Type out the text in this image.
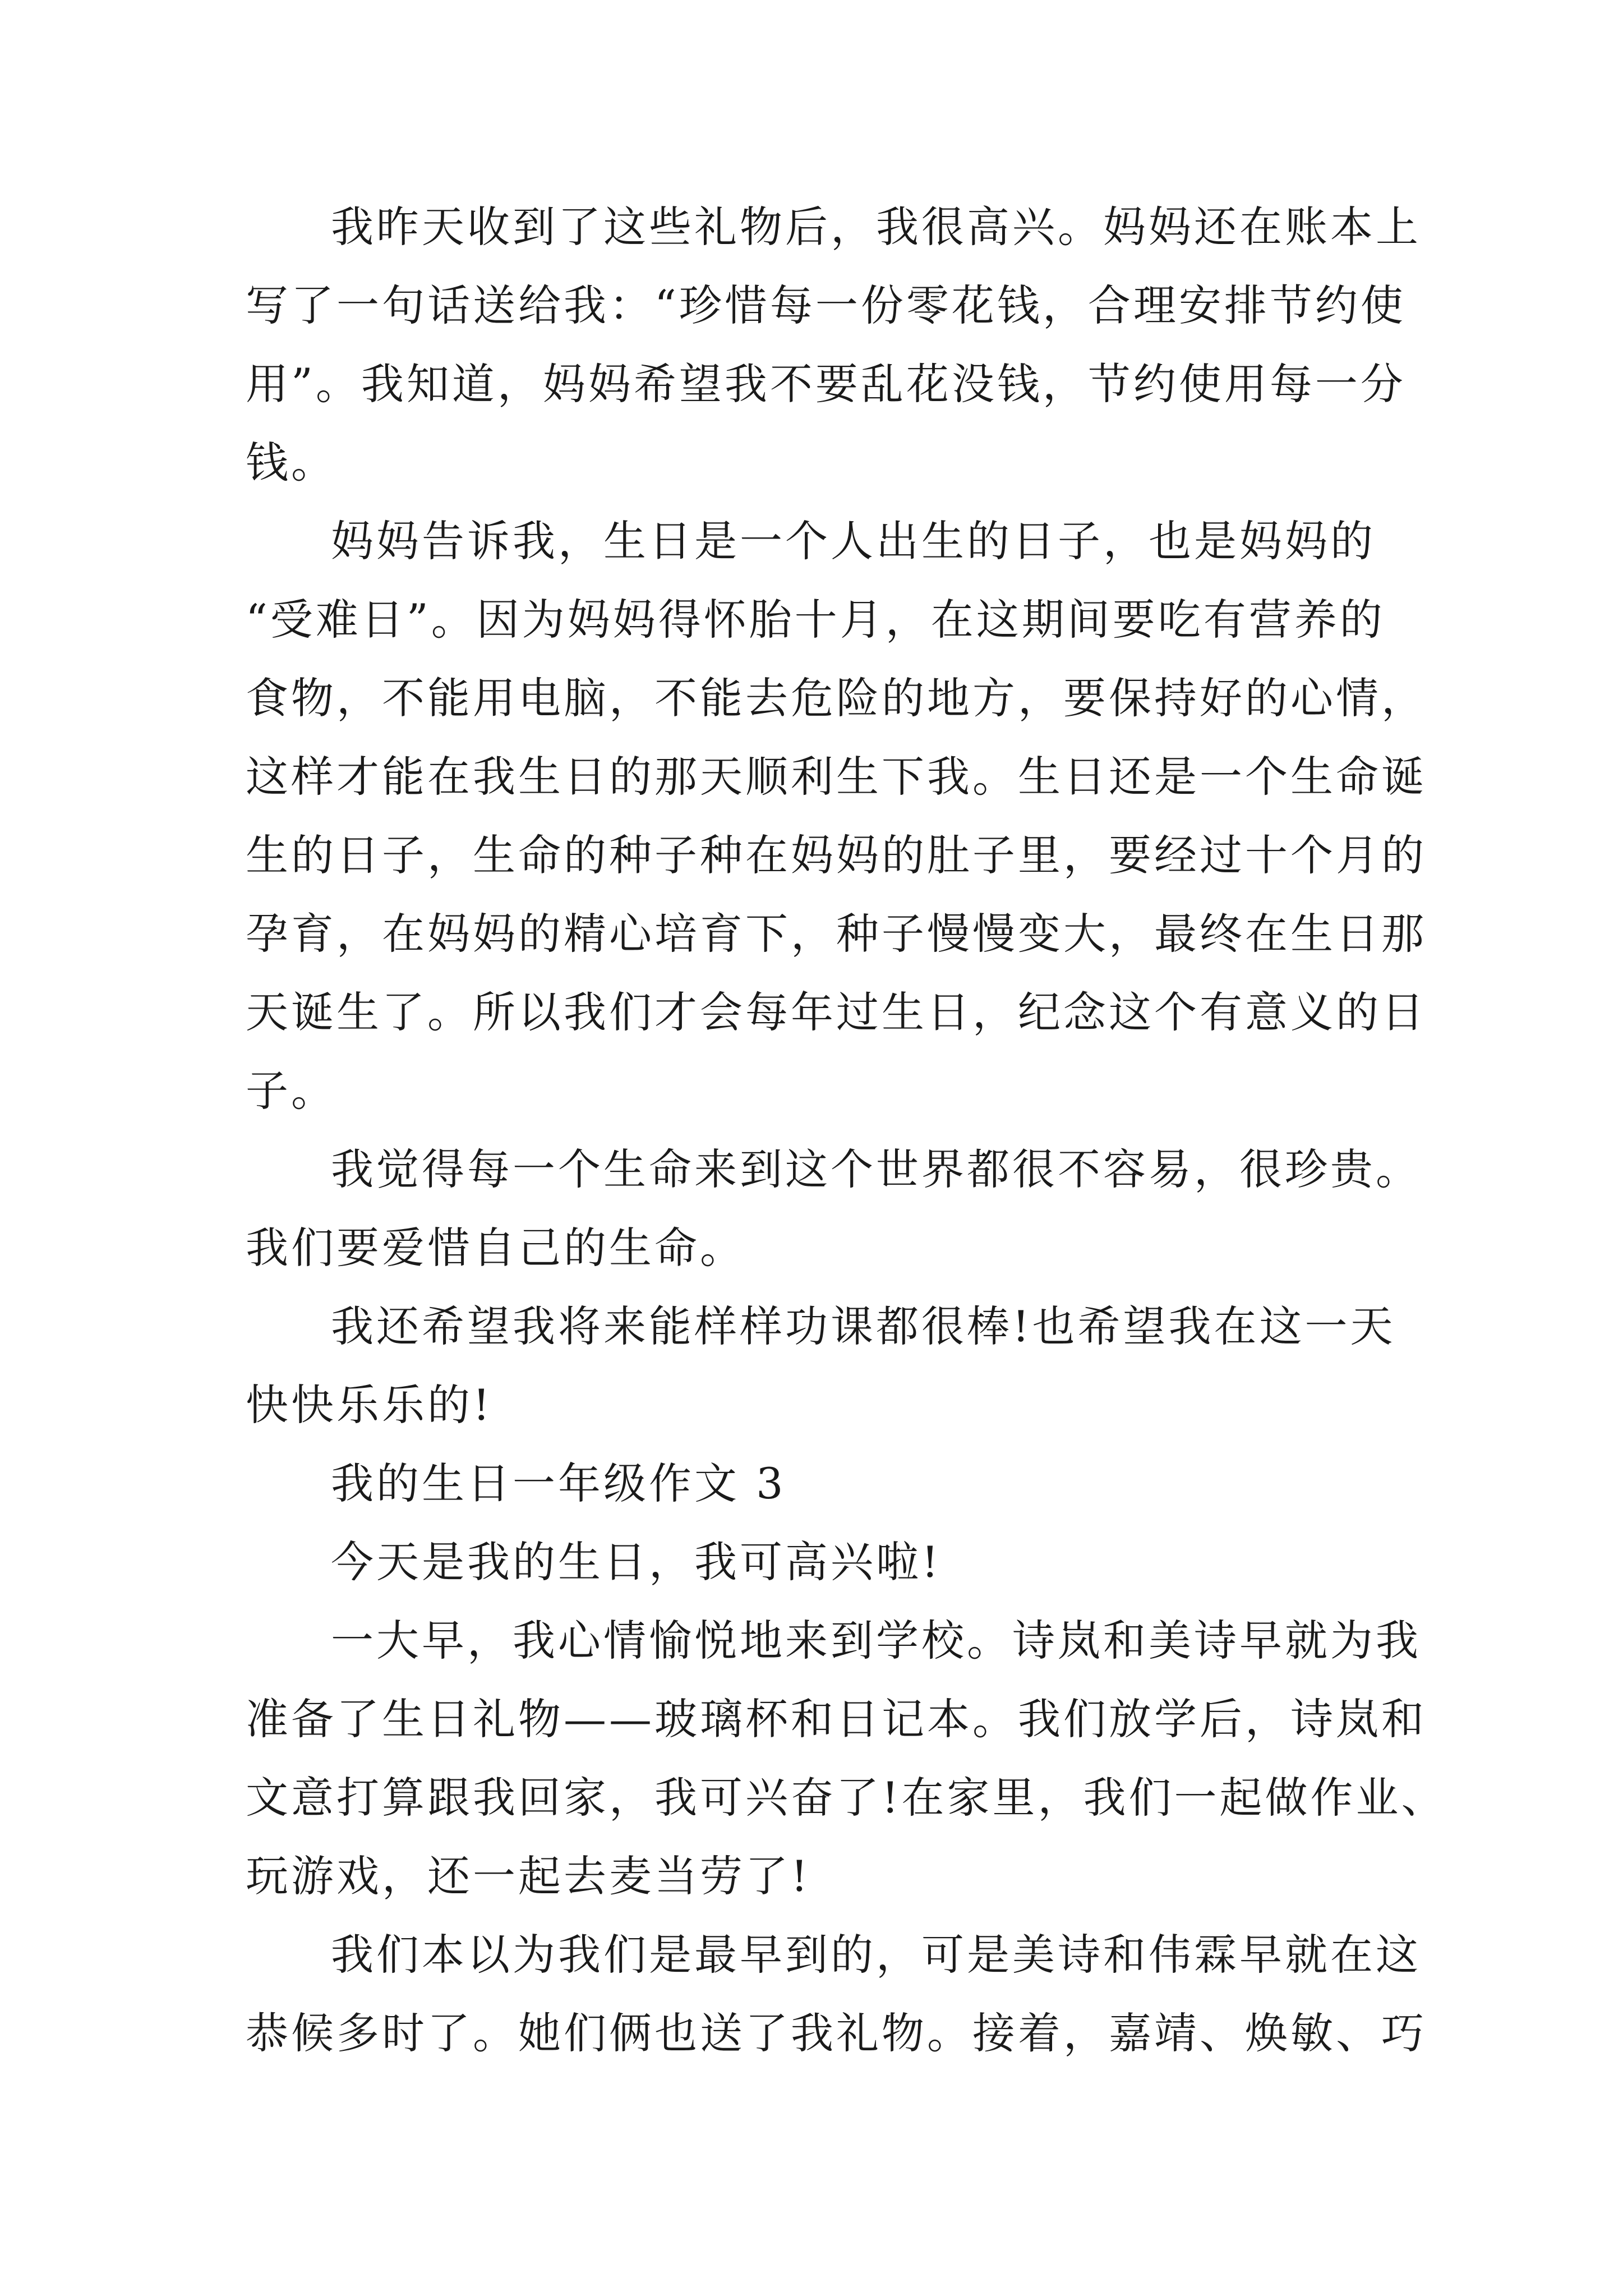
我昨天收到了这些礼物后，我很高兴。妈妈还在账本上
写了一句话送给我：“珍惜每一份零花钱，合理安排节约使
用”。我知道，妈妈希望我不要乱花没钱，节约使用每一分
钱。
妈妈告诉我，生日是一个人出生的日子，也是妈妈的
“受难日”。因为妈妈得怀胎十月，在这期间要吃有营养的
食物，不能用电脑，不能去危险的地方，要保持好的心情，
这样才能在我生日的那天顺利生下我。生日还是一个生命诞
生的日子，生命的种子种在妈妈的肚子里，要经过十个月的
孕育，在妈妈的精心培育下，种子慢慢变大，最终在生日那
天诞生了。所以我们才会每年过生日，纪念这个有意义的日
子。
我觉得每一个生命来到这个世界都很不容易，很珍贵。
我们要爱惜自己的生命。
我还希望我将来能样样功课都很棒!也希望我在这一天
快快乐乐的!
我的生日一年级作文 3
今天是我的生日，我可高兴啦!
一大早，我心情愉悦地来到学校。诗岚和美诗早就为我
准备了生日礼物——玻璃杯和日记本。我们放学后，诗岚和
文意打算跟我回家，我可兴奋了!在家里，我们一起做作业、
玩游戏，还一起去麦当劳了!
我们本以为我们是最早到的，可是美诗和伟霖早就在这
恭候多时了。她们俩也送了我礼物。接着，嘉靖、焕敏、巧
